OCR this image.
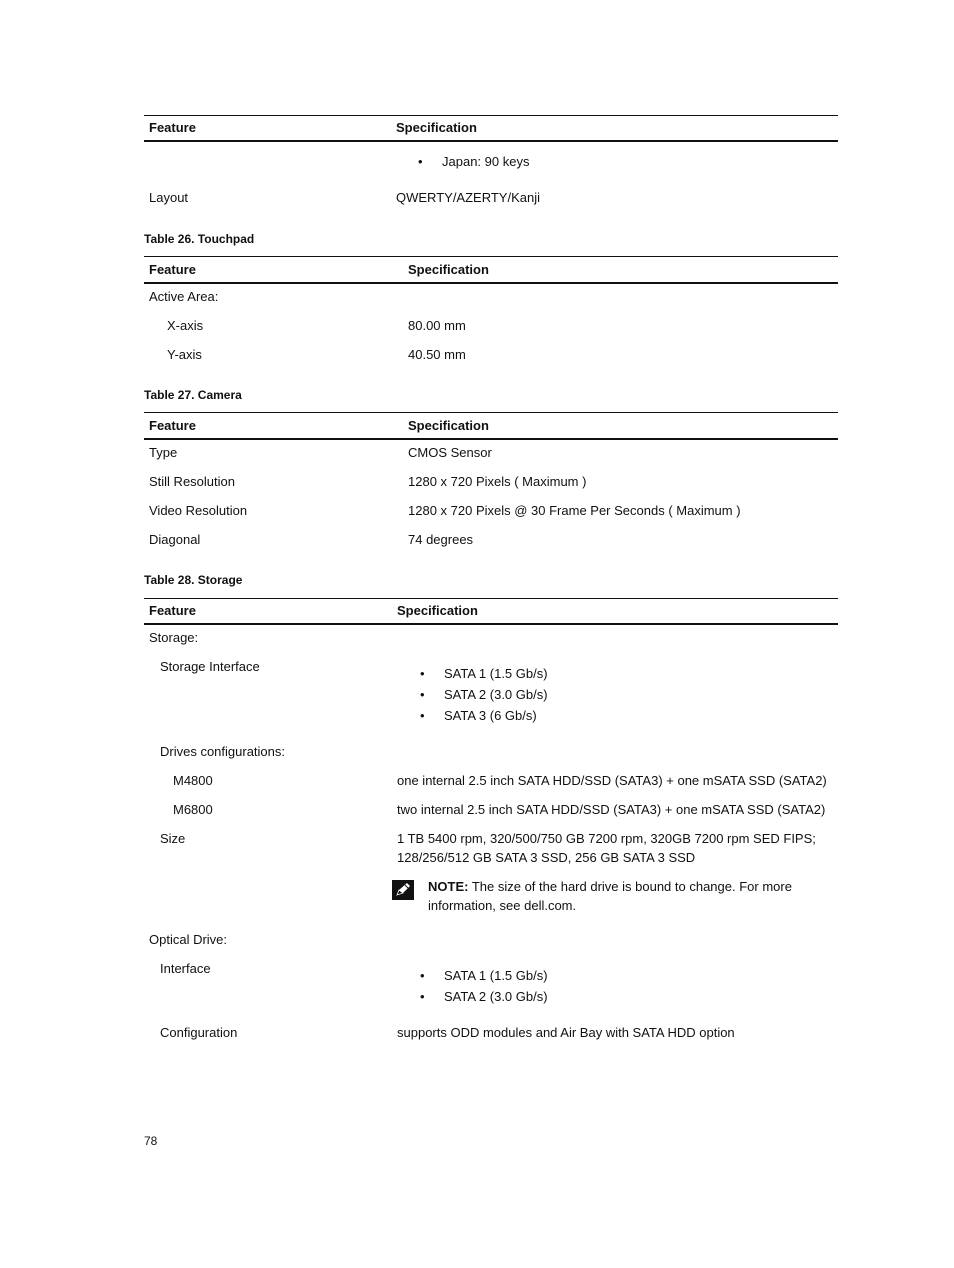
Feature	Specification
• Japan: 90 keys
Layout	QWERTY/AZERTY/Kanji
Table 26. Touchpad
Feature	Specification
Active Area:
X-axis	80.00 mm
Y-axis	40.50 mm
Table 27. Camera
Feature	Specification
Type	CMOS Sensor
Still Resolution	1280 x 720 Pixels ( Maximum )
Video Resolution	1280 x 720 Pixels @ 30 Frame Per Seconds ( Maximum )
Diagonal	74 degrees
Table 28. Storage
Feature	Specification
Storage:
Storage Interface	• SATA 1 (1.5 Gb/s)
• SATA 2 (3.0 Gb/s)
• SATA 3 (6 Gb/s)
Drives configurations:
M4800	one internal 2.5 inch SATA HDD/SSD (SATA3) + one mSATA SSD (SATA2)
M6800	two internal 2.5 inch SATA HDD/SSD (SATA3) + one mSATA SSD (SATA2)
Size	1 TB 5400 rpm, 320/500/750 GB 7200 rpm, 320GB 7200 rpm SED FIPS;
128/256/512 GB SATA 3 SSD, 256 GB SATA 3 SSD
NOTE: The size of the hard drive is bound to change. For more
information, see dell.com.
Optical Drive:
Interface	• SATA 1 (1.5 Gb/s)
• SATA 2 (3.0 Gb/s)
Configuration	supports ODD modules and Air Bay with SATA HDD option
78
